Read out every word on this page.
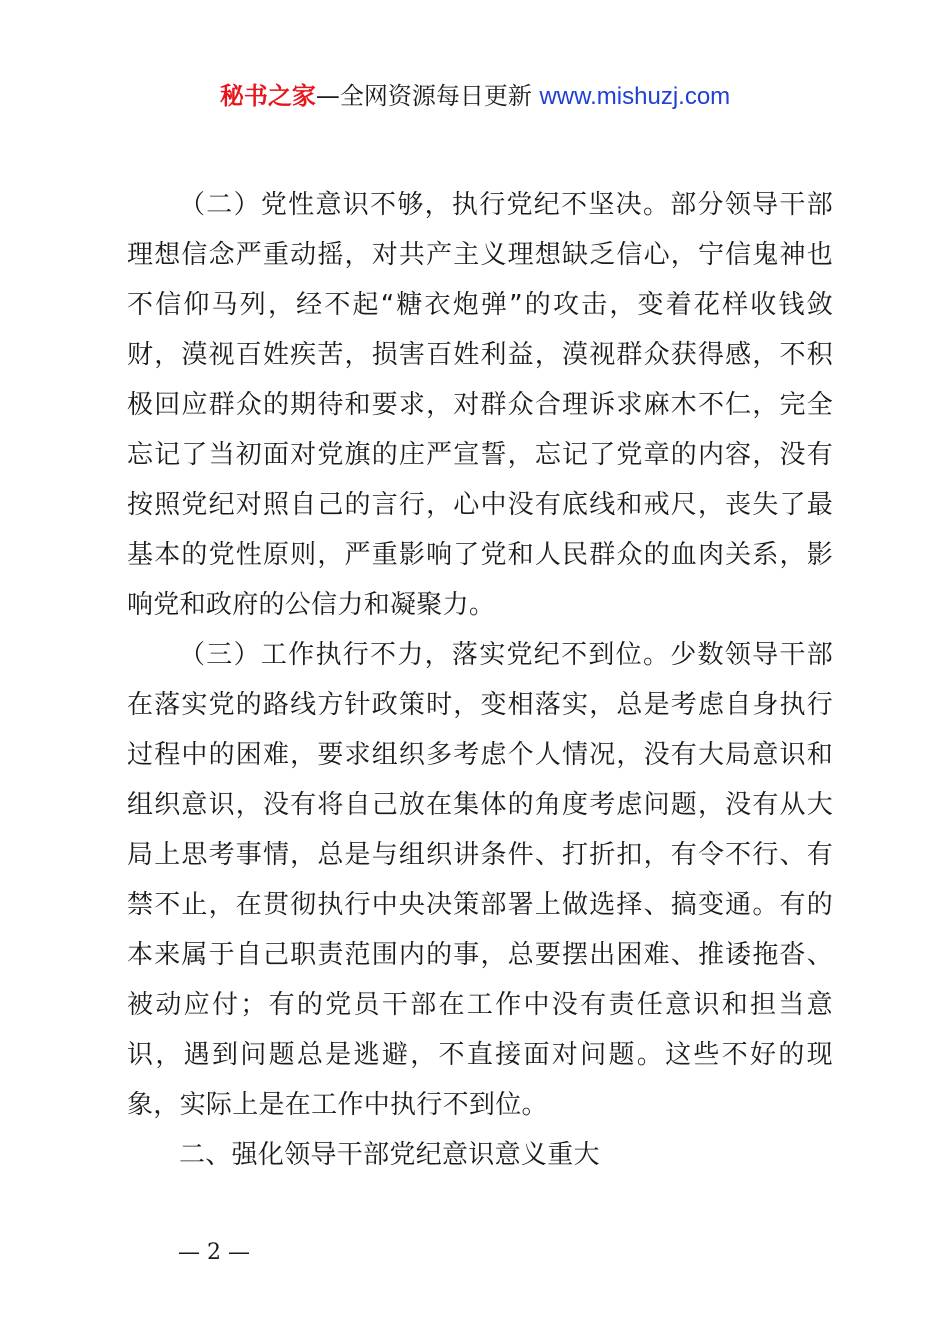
秘书之家—全网资源每日更新 www.mishuzj.com

（二）党性意识不够，执行党纪不坚决。部分领导干部理想信念严重动摇，对共产主义理想缺乏信心，宁信鬼神也不信仰马列，经不起“糖衣炮弹”的攻击，变着花样收钱敛财，漠视百姓疾苦，损害百姓利益，漠视群众获得感，不积极回应群众的期待和要求，对群众合理诉求麻木不仁，完全忘记了当初面对党旗的庄严宣誓，忘记了党章的内容，没有按照党纪对照自己的言行，心中没有底线和戒尺，丧失了最基本的党性原则，严重影响了党和人民群众的血肉关系，影响党和政府的公信力和凝聚力。

（三）工作执行不力，落实党纪不到位。少数领导干部在落实党的路线方针政策时，变相落实，总是考虑自身执行过程中的困难，要求组织多考虑个人情况，没有大局意识和组织意识，没有将自己放在集体的角度考虑问题，没有从大局上思考事情，总是与组织讲条件、打折扣，有令不行、有禁不止，在贯彻执行中央决策部署上做选择、搞变通。有的本来属于自己职责范围内的事，总要摆出困难、推诿拖沓、被动应付；有的党员干部在工作中没有责任意识和担当意识，遇到问题总是逃避，不直接面对问题。这些不好的现象，实际上是在工作中执行不到位。

二、强化领导干部党纪意识意义重大

— 2 —
